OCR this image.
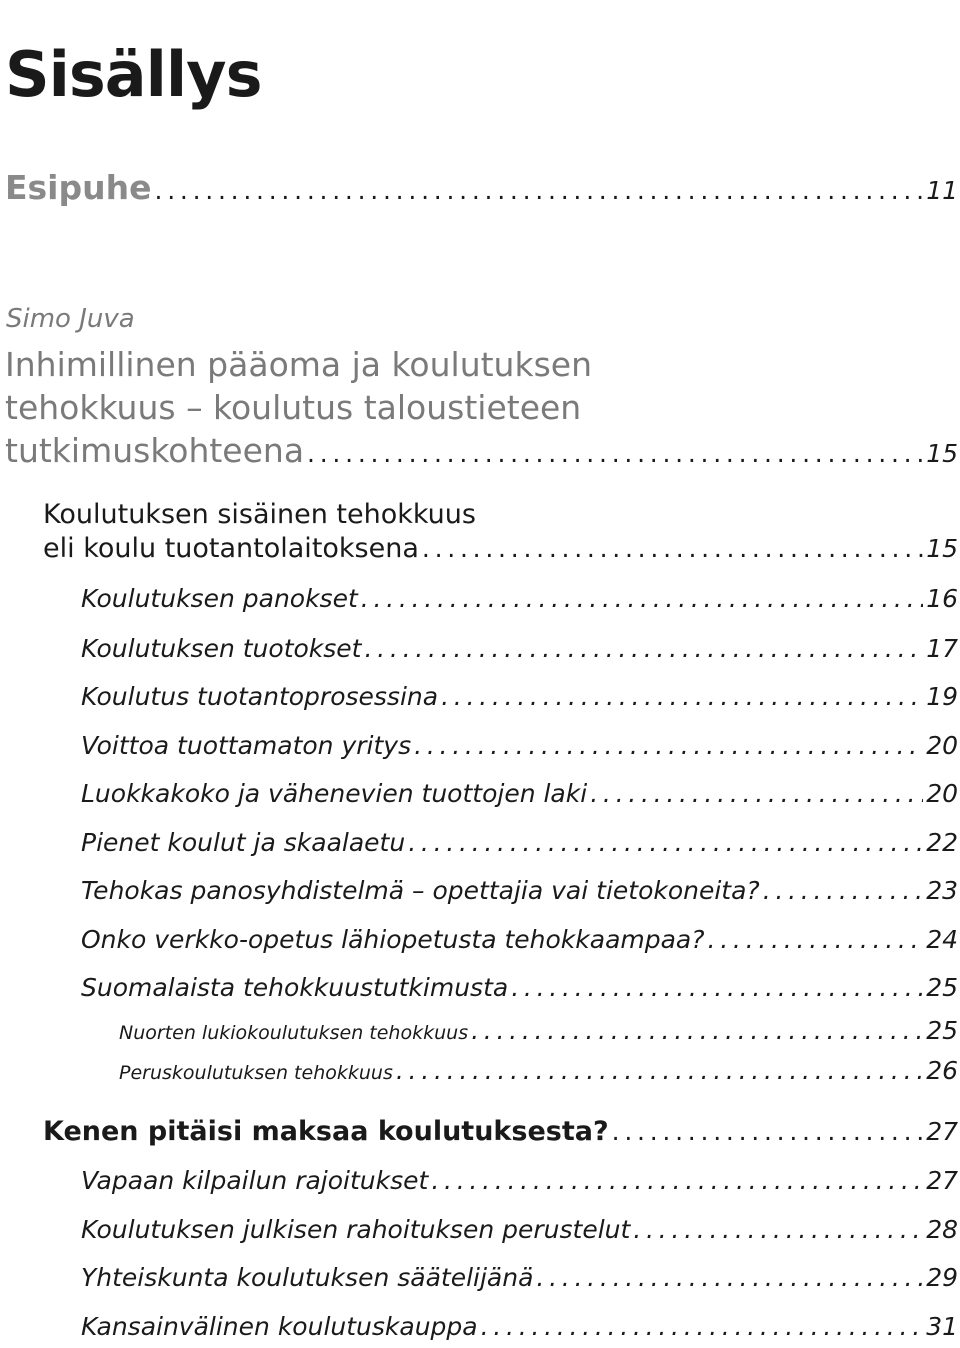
Sisällys
Esipuhe . . .	11
Simo Juva
Inhimillinen pääoma ja koulutuksen
tehokkuus – koulutus taloustieteen
tutkimuskohteena . . .	15
Koulutuksen sisäinen tehokkuus
eli koulu tuotantolaitoksena . . .	15
Koulutuksen panokset . . .	16
Koulutuksen tuotokset . . .	17
Koulutus tuotantoprosessina . . .	19
Voittoa tuottamaton yritys . . .	20
Luokkakoko ja vähenevien tuottojen laki . . .	20
Pienet koulut ja skaalaetu . . .	22
Tehokas panosyhdistelmä – opettajia vai tietokoneita? . . .	23
Onko verkko-opetus lähiopetusta tehokkaampaa? . . .	24
Suomalaista tehokkuustutkimusta . . .	25
Nuorten lukiokoulutuksen tehokkuus . . .	25
Peruskoulutuksen tehokkuus . . .	26
Kenen pitäisi maksaa koulutuksesta? . . .	27
Vapaan kilpailun rajoitukset . . .	27
Koulutuksen julkisen rahoituksen perustelut . . .	28
Yhteiskunta koulutuksen säätelijänä . . .	29
Kansainvälinen koulutuskauppa . . .	31
